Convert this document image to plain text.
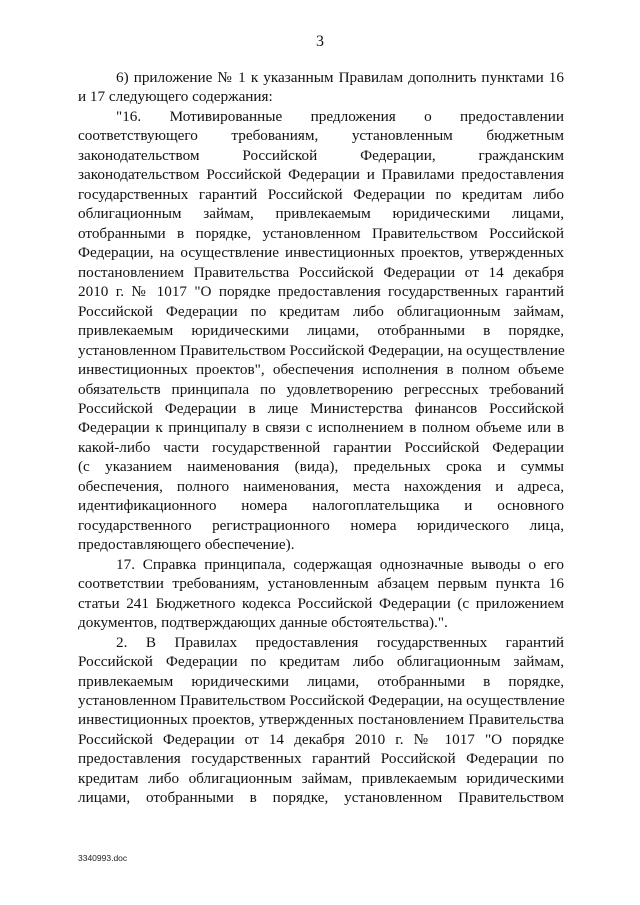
3
6) приложение № 1 к указанным Правилам дополнить пунктами 16
и 17 следующего содержания:
"16. Мотивированные предложения о предоставлении
соответствующего требованиям, установленным бюджетным
законодательством Российской Федерации, гражданским
законодательством Российской Федерации и Правилами предоставления
государственных гарантий Российской Федерации по кредитам либо
облигационным займам, привлекаемым юридическими лицами,
отобранными в порядке, установленном Правительством Российской
Федерации, на осуществление инвестиционных проектов, утвержденных
постановлением Правительства Российской Федерации от 14 декабря
2010 г. № 1017 "О порядке предоставления государственных гарантий
Российской Федерации по кредитам либо облигационным займам,
привлекаемым юридическими лицами, отобранными в порядке,
установленном Правительством Российской Федерации, на осуществление
инвестиционных проектов", обеспечения исполнения в полном объеме
обязательств принципала по удовлетворению регрессных требований
Российской Федерации в лице Министерства финансов Российской
Федерации к принципалу в связи с исполнением в полном объеме или в
какой-либо части государственной гарантии Российской Федерации
(с указанием наименования (вида), предельных срока и суммы
обеспечения, полного наименования, места нахождения и адреса,
идентификационного номера налогоплательщика и основного
государственного регистрационного номера юридического лица,
предоставляющего обеспечение).
17. Справка принципала, содержащая однозначные выводы о его
соответствии требованиям, установленным абзацем первым пункта 16
статьи 241 Бюджетного кодекса Российской Федерации (с приложением
документов, подтверждающих данные обстоятельства).".
2. В Правилах предоставления государственных гарантий
Российской Федерации по кредитам либо облигационным займам,
привлекаемым юридическими лицами, отобранными в порядке,
установленном Правительством Российской Федерации, на осуществление
инвестиционных проектов, утвержденных постановлением Правительства
Российской Федерации от 14 декабря 2010 г. № 1017 "О порядке
предоставления государственных гарантий Российской Федерации по
кредитам либо облигационным займам, привлекаемым юридическими
лицами, отобранными в порядке, установленном Правительством
3340993.doc
